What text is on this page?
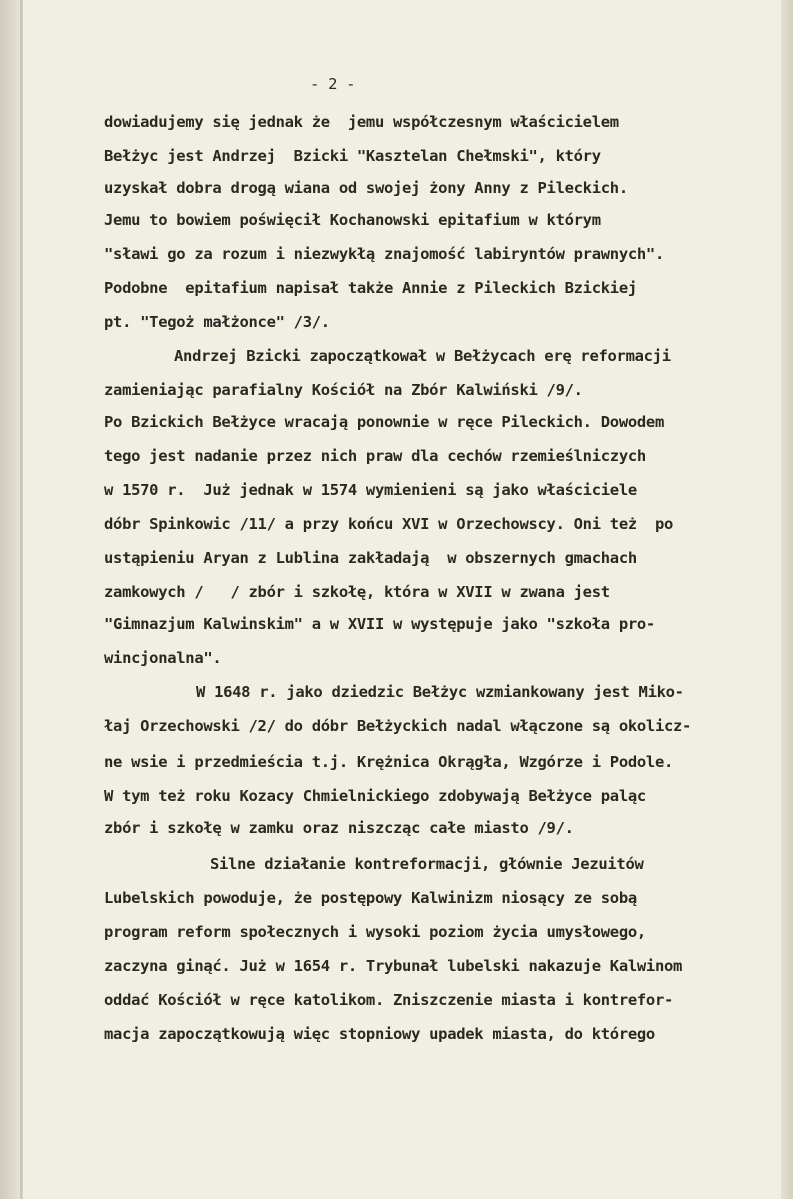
- 2 -
dowiadujemy się jednak że  jemu współczesnym właścicielem
Bełżyc jest Andrzej  Bzicki "Kasztelan Chełmski", który
uzyskał dobra drogą wiana od swojej żony Anny z Pileckich.
Jemu to bowiem poświęcił Kochanowski epitafium w którym
"sławi go za rozum i niezwykłą znajomość labiryntów prawnych".
Podobne  epitafium napisał także Annie z Pileckich Bzickiej
pt. "Tegoż małżonce" /3/.
Andrzej Bzicki zapoczątkował w Bełżycach erę reformacji
zamieniając parafialny Kościół na Zbór Kalwiński /9/.
Po Bzickich Bełżyce wracają ponownie w ręce Pileckich. Dowodem
tego jest nadanie przez nich praw dla cechów rzemieślniczych
w 1570 r.  Już jednak w 1574 wymienieni są jako właściciele
dóbr Spinkowic /11/ a przy końcu XVI w Orzechowscy. Oni też  po
ustąpieniu Aryan z Lublina zakładają  w obszernych gmachach
zamkowych /   / zbór i szkołę, która w XVII w zwana jest
"Gimnazjum Kalwinskim" a w XVII w występuje jako "szkoła pro-
wincjonalna".
W 1648 r. jako dziedzic Bełżyc wzmiankowany jest Miko-
łaj Orzechowski /2/ do dóbr Bełżyckich nadal włączone są okolicz-
ne wsie i przedmieścia t.j. Krężnica Okrągła, Wzgórze i Podole.
W tym też roku Kozacy Chmielnickiego zdobywają Bełżyce paląc
zbór i szkołę w zamku oraz niszcząc całe miasto /9/.
Silne działanie kontreformacji, głównie Jezuitów
Lubelskich powoduje, że postępowy Kalwinizm niosący ze sobą
program reform społecznych i wysoki poziom życia umysłowego,
zaczyna ginąć. Już w 1654 r. Trybunał lubelski nakazuje Kalwinom
oddać Kościół w ręce katolikom. Zniszczenie miasta i kontrefor-
macja zapoczątkowują więc stopniowy upadek miasta, do którego
